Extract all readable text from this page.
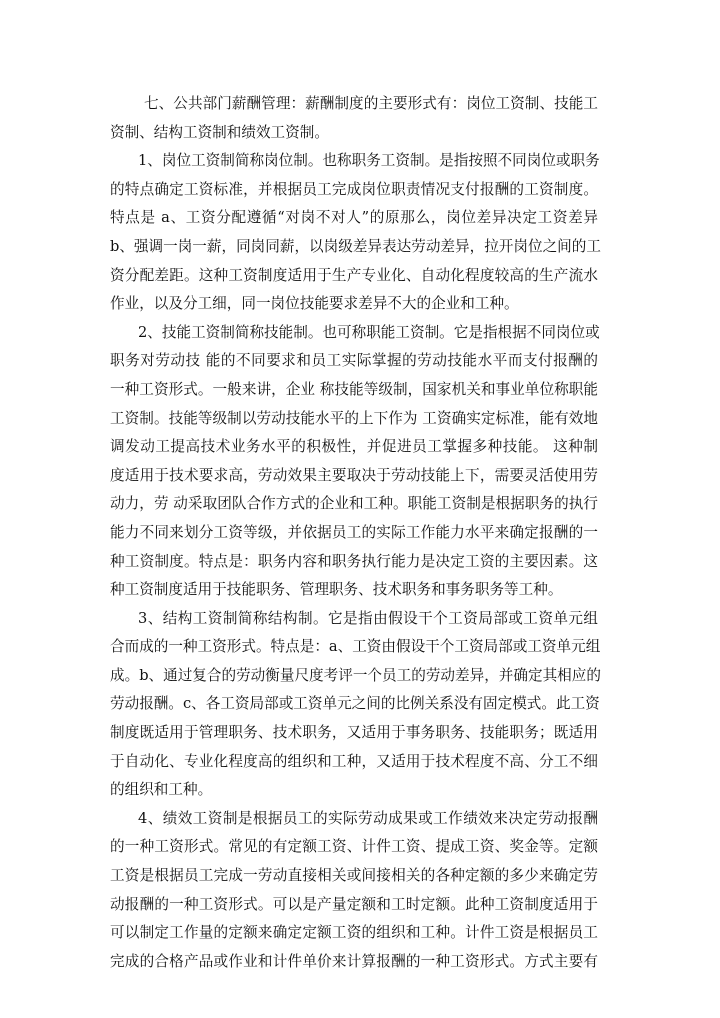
七、公共部门薪酬管理：薪酬制度的主要形式有：岗位工资制、技能工
资制、结构工资制和绩效工资制。
1、岗位工资制简称岗位制。也称职务工资制。是指按照不同岗位或职务
的特点确定工资标准，并根据员工完成岗位职责情况支付报酬的工资制度。
特点是 a、工资分配遵循“对岗不对人”的原那么，岗位差异决定工资差异
b、强调一岗一薪，同岗同薪，以岗级差异表达劳动差异，拉开岗位之间的工
资分配差距。这种工资制度适用于生产专业化、自动化程度较高的生产流水
作业，以及分工细，同一岗位技能要求差异不大的企业和工种。
2、技能工资制简称技能制。也可称职能工资制。它是指根据不同岗位或
职务对劳动技 能的不同要求和员工实际掌握的劳动技能水平而支付报酬的
一种工资形式。一般来讲，企业 称技能等级制，国家机关和事业单位称职能
工资制。技能等级制以劳动技能水平的上下作为 工资确实定标准，能有效地
调发动工提高技术业务水平的积极性，并促进员工掌握多种技能。 这种制
度适用于技术要求高，劳动效果主要取决于劳动技能上下，需要灵活使用劳
动力，劳 动采取团队合作方式的企业和工种。职能工资制是根据职务的执行
能力不同来划分工资等级，并依据员工的实际工作能力水平来确定报酬的一
种工资制度。特点是：职务内容和职务执行能力是决定工资的主要因素。这
种工资制度适用于技能职务、管理职务、技术职务和事务职务等工种。
3、结构工资制简称结构制。它是指由假设干个工资局部或工资单元组
合而成的一种工资形式。特点是：a、工资由假设干个工资局部或工资单元组
成。b、通过复合的劳动衡量尺度考评一个员工的劳动差异，并确定其相应的
劳动报酬。c、各工资局部或工资单元之间的比例关系没有固定模式。此工资
制度既适用于管理职务、技术职务，又适用于事务职务、技能职务；既适用
于自动化、专业化程度高的组织和工种，又适用于技术程度不高、分工不细
的组织和工种。
4、绩效工资制是根据员工的实际劳动成果或工作绩效来决定劳动报酬
的一种工资形式。常见的有定额工资、计件工资、提成工资、奖金等。定额
工资是根据员工完成一劳动直接相关或间接相关的各种定额的多少来确定劳
动报酬的一种工资形式。可以是产量定额和工时定额。此种工资制度适用于
可以制定工作量的定额来确定定额工资的组织和工种。计件工资是根据员工
完成的合格产品或作业和计件单价来计算报酬的一种工资形式。方式主要有
